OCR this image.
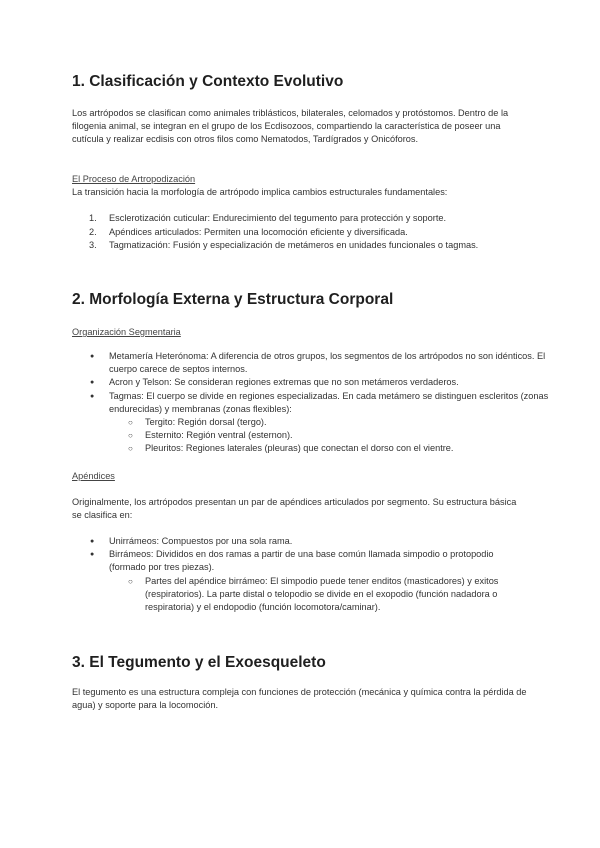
1. Clasificación y Contexto Evolutivo

Los artrópodos se clasifican como animales triblásticos, bilaterales, celomados y protóstomos. Dentro de la filogenia animal, se integran en el grupo de los Ecdisozoos, compartiendo la característica de poseer una cutícula y realizar ecdisis con otros filos como Nematodos, Tardígrados y Onicóforos.

El Proceso de Artropodización

La transición hacia la morfología de artrópodo implica cambios estructurales fundamentales:

1. Esclerotización cuticular: Endurecimiento del tegumento para protección y soporte.
2. Apéndices articulados: Permiten una locomoción eficiente y diversificada.
3. Tagmatización: Fusión y especialización de metámeros en unidades funcionales o tagmas.
2. Morfología Externa y Estructura Corporal

Organización Segmentaria

● Metamería Heterónoma: A diferencia de otros grupos, los segmentos de los artrópodos no son idénticos. El cuerpo carece de septos internos.
● Acron y Telson: Se consideran regiones extremas que no son metámeros verdaderos.
● Tagmas: El cuerpo se divide en regiones especializadas. En cada metámero se distinguen escleritos (zonas endurecidas) y membranas (zonas flexibles):
○ Tergito: Región dorsal (tergo).
○ Esternito: Región ventral (esternon).
○ Pleuritos: Regiones laterales (pleuras) que conectan el dorso con el vientre.

Apéndices

Originalmente, los artrópodos presentan un par de apéndices articulados por segmento. Su estructura básica se clasifica en:

● Unirrámeos: Compuestos por una sola rama.
● Birrámeos: Divididos en dos ramas a partir de una base común llamada simpodio o protopodio (formado por tres piezas).
○ Partes del apéndice birrámeo: El simpodio puede tener enditos (masticadores) y exitos (respiratorios). La parte distal o telopodio se divide en el exopodio (función nadadora o respiratoria) y el endopodio (función locomotora/caminar).
3. El Tegumento y el Exoesqueleto

El tegumento es una estructura compleja con funciones de protección (mecánica y química contra la pérdida de agua) y soporte para la locomoción.
